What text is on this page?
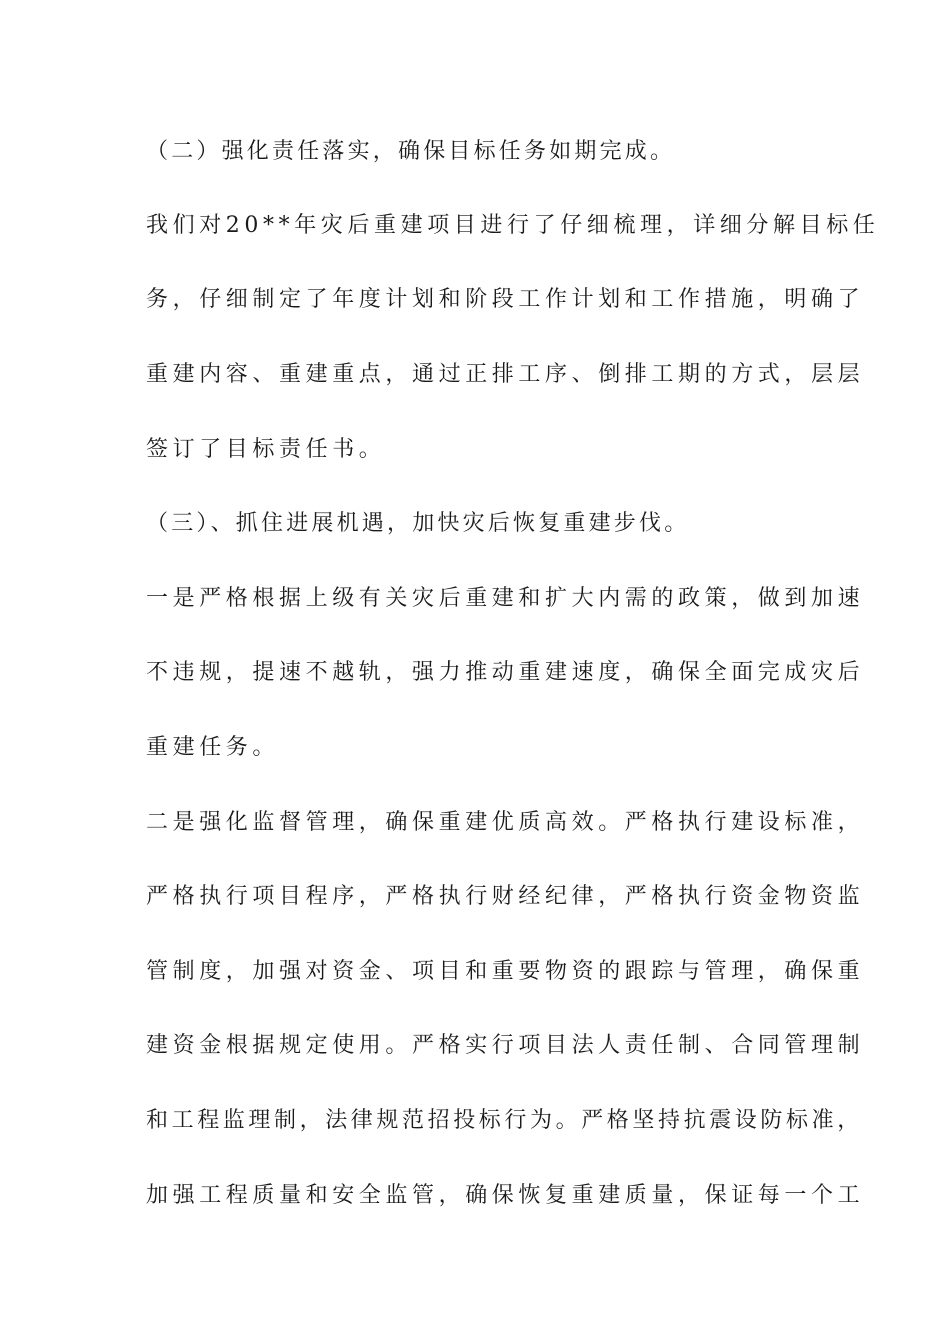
（二）强化责任落实，确保目标任务如期完成。
我们对20**年灾后重建项目进行了仔细梳理，详细分解目标任
务，仔细制定了年度计划和阶段工作计划和工作措施，明确了
重建内容、重建重点，通过正排工序、倒排工期的方式，层层
签订了目标责任书。
（三）、抓住进展机遇，加快灾后恢复重建步伐。
一是严格根据上级有关灾后重建和扩大内需的政策，做到加速
不违规，提速不越轨，强力推动重建速度，确保全面完成灾后
重建任务。
二是强化监督管理，确保重建优质高效。严格执行建设标准，
严格执行项目程序，严格执行财经纪律，严格执行资金物资监
管制度，加强对资金、项目和重要物资的跟踪与管理，确保重
建资金根据规定使用。严格实行项目法人责任制、合同管理制
和工程监理制，法律规范招投标行为。严格坚持抗震设防标准，
加强工程质量和安全监管，确保恢复重建质量，保证每一个工
